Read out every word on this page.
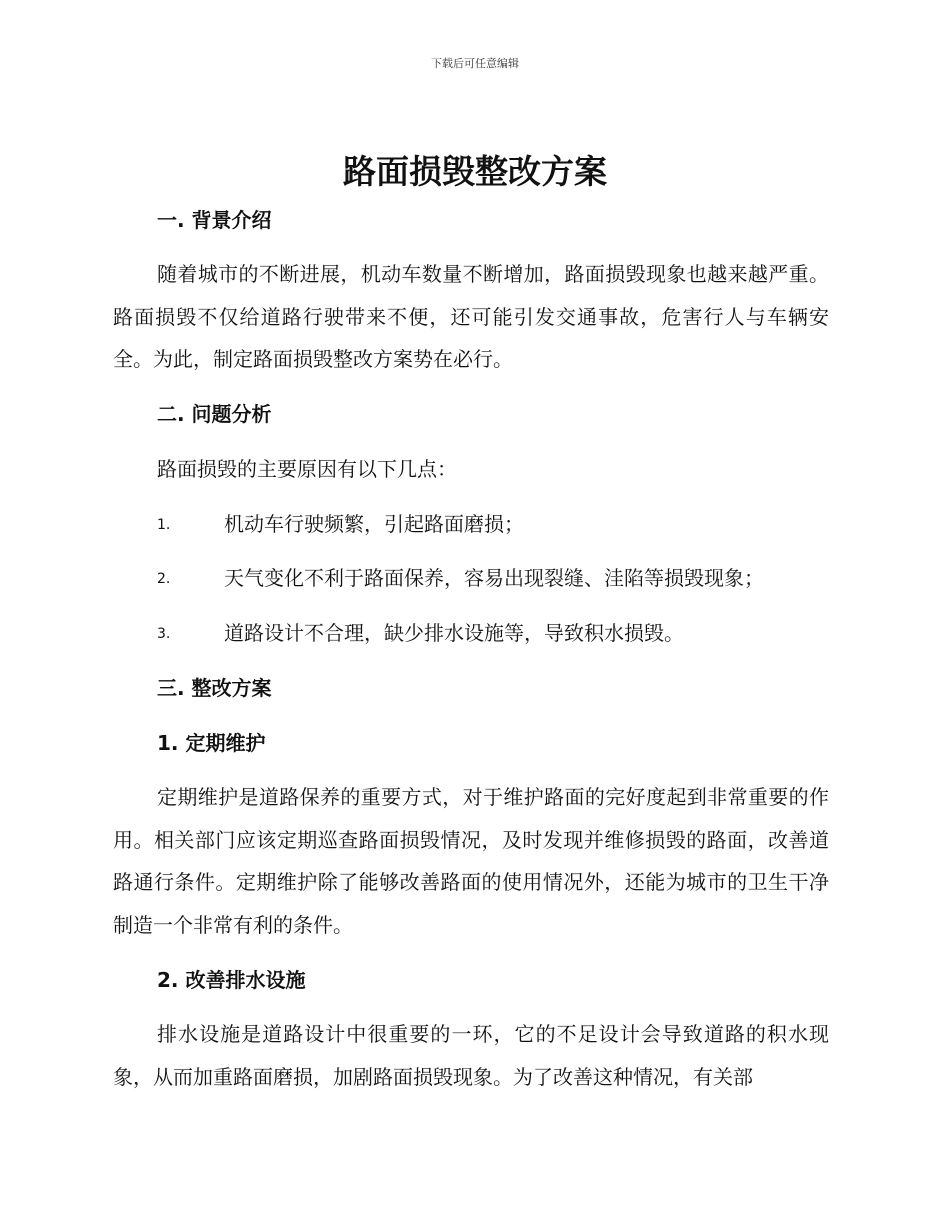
下载后可任意编辑
路面损毁整改方案
一. 背景介绍

随着城市的不断进展，机动车数量不断增加，路面损毁现象也越来越严重。路面损毁不仅给道路行驶带来不便，还可能引发交通事故，危害行人与车辆安全。为此，制定路面损毁整改方案势在必行。

二. 问题分析

路面损毁的主要原因有以下几点：

1.	机动车行驶频繁，引起路面磨损；
2.	天气变化不利于路面保养，容易出现裂缝、洼陷等损毁现象；
3.	道路设计不合理，缺少排水设施等，导致积水损毁。
三. 整改方案
1. 定期维护

定期维护是道路保养的重要方式，对于维护路面的完好度起到非常重要的作用。相关部门应该定期巡查路面损毁情况，及时发现并维修损毁的路面，改善道路通行条件。定期维护除了能够改善路面的使用情况外，还能为城市的卫生干净制造一个非常有利的条件。

2. 改善排水设施

排水设施是道路设计中很重要的一环，它的不足设计会导致道路的积水现象，从而加重路面磨损，加剧路面损毁现象。为了改善这种情况，有关部
